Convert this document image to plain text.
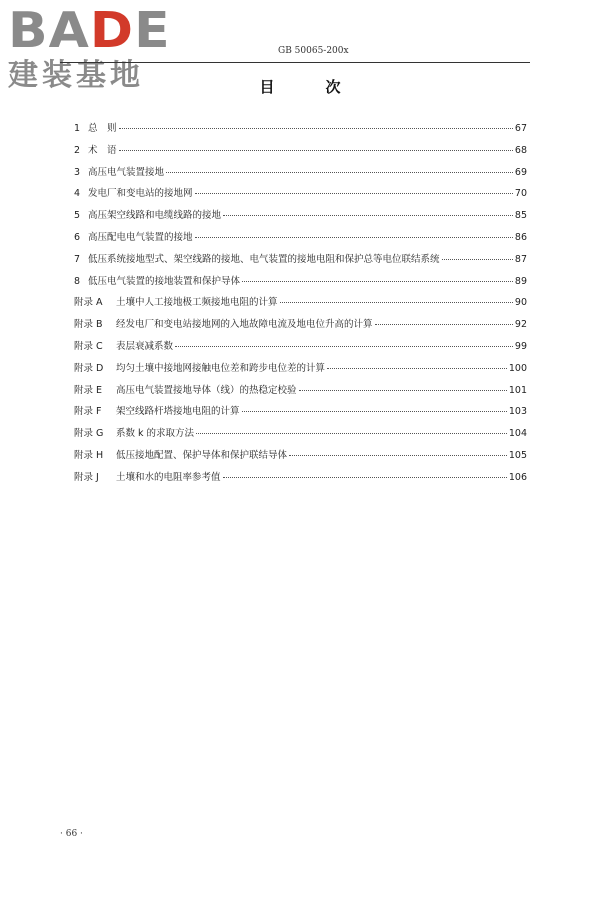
BADE
建装基地
GB 50065-200x
目　次
1 总　则	67
2 术　语	68
3 高压电气装置接地	69
4 发电厂和变电站的接地网	70
5 高压架空线路和电缆线路的接地	85
6 高压配电电气装置的接地	86
7 低压系统接地型式、架空线路的接地、电气装置的接地电阻和保护总等电位联结系统	87
8 低压电气装置的接地装置和保护导体	89
附录 A	土壤中人工接地极工频接地电阻的计算	90
附录 B	经发电厂和变电站接地网的入地故障电流及地电位升高的计算	92
附录 C	表层衰减系数	99
附录 D	均匀土壤中接地网接触电位差和跨步电位差的计算	100
附录 E	高压电气装置接地导体（线）的热稳定校验	101
附录 F	架空线路杆塔接地电阻的计算	103
附录 G	系数 k 的求取方法	104
附录 H	低压接地配置、保护导体和保护联结导体	105
附录 J	土壤和水的电阻率参考值	106
· 66 ·
